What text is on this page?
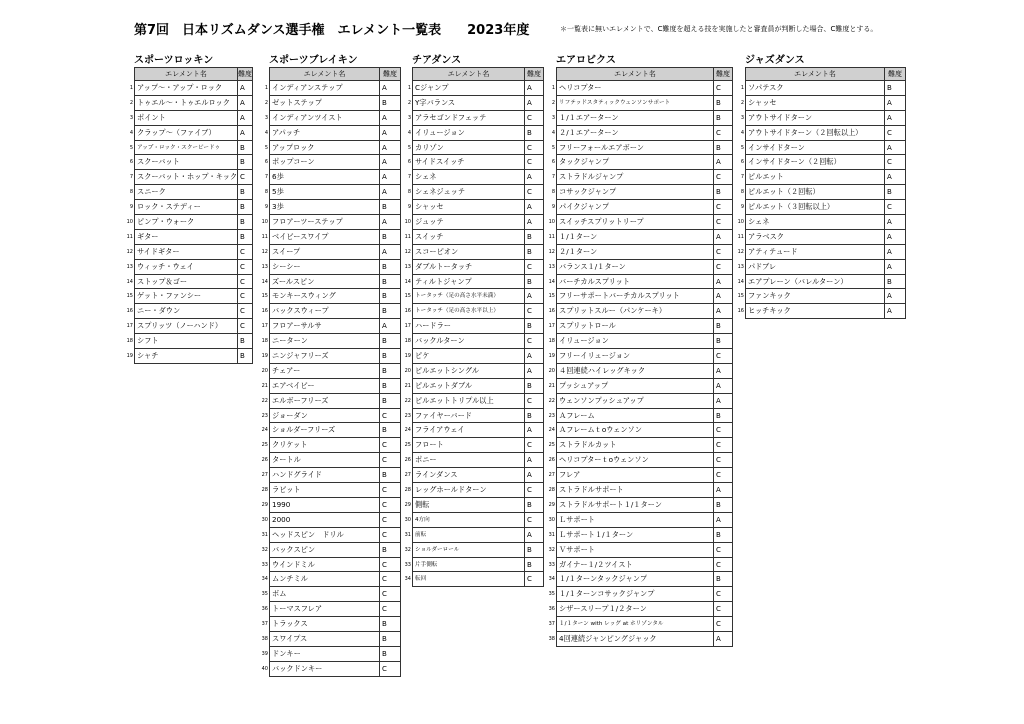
第7回　日本リズムダンス選手権　エレメント一覧表　　2023年度	＊一覧表に無いエレメントで、C難度を超える技を実施したと審査員が判断した場合、C難度とする。
スポーツロッキン
エレメント名	難度
1 アップ～・アップ・ロック	A
2 トゥエル～・トゥエルロック	A
3 ポイント	A
4 クラップ～（ファイブ）	A
5 アップ・ロック・スクービードゥ	B
6 スクーバット	B
7 スクーバット・ホップ・キック C
8 スニーク	B
9 ロック・ステディー	B
10 ピンプ・ウォーク	B
11 ギター	B
12 サイドギター	C
13 ウィッチ・ウェイ	C
14 ストップ＆ゴー	C
15 ゲット・ファンシー	C
16 ニー・ダウン	C
17 スプリッツ（ノーハンド）	C
18 シフト	B
19 シャチ	B
スポーツブレイキン
エレメント名	難度
1 インディアンステップ	A
2 ゼットステップ	B
3 インディアンツイスト	A
4 アパッチ	A
5 アップロック	A
6 ポップコーン	A
7 6歩	A
8 5歩	A
9 3歩	B
10 フロアーツーステップ	A
11 ベイビースワイプ	B
12 スイープ	A
13 シーシー	B
14 ズールスピン	B
15 モンキースウィング	B
16 バックスウィープ	B
17 フロアーサルサ	A
18 ニーターン	B
19 ニンジャフリーズ	B
20 チェアー	B
21 エアベイビー	B
22 エルボーフリーズ	B
23 ジョーダン	C
24 ショルダーフリーズ	B
25 クリケット	C
26 タートル	C
27 ハンドグライド	B
28 ラビット	C
29 1990	C
30 2000	C
31 ヘッドスピン　ドリル	C
32 バックスピン	B
33 ウインドミル	C
34 ムンチミル	C
35 ボム	C
36 トーマスフレア	C
37 トラックス	B
38 スワイプス	B
39 ドンキー	B
40 バックドンキー	C
チアダンス
エレメント名	難度
1 Cジャンプ	A
2 Y字バランス	A
3 アラセゴンドフェッテ	C
4 イリュージョン	B
5 カリゾン	C
6 サイドスイッチ	C
7 シェネ	A
8 シェネジュッテ	C
9 シャッセ	A
10 ジュッテ	A
11 スイッチ	B
12 スコーピオン	B
13 ダブルトータッチ	C
14 ティルトジャンプ	B
15 トータッチ（足の高さ水平未満）	A
16 トータッチ（足の高さ水平以上）	C
17 ハードラー	B
18 バックルターン	C
19 ピケ	A
20 ピルエットシングル	A
21 ピルエットダブル	B
22 ピルエットトリプル以上	C
23 ファイヤーバード	B
24 フライアウェイ	A
25 フロート	C
26 ポニー	A
27 ラインダンス	A
28 レッグホールドターン	C
29 側転	B
30 4方向	C
31 前転	A
32 ショルダーロール	B
33 片手側転	B
34 転回	C
エアロビクス
エレメント名	難度
1 ヘリコプター	C
2 リフテッドスタティックウェンソンサポート	B
3 １/１エアーターン	B
4 ２/１エアーターン	C
5 フリーフォールエアボーン	B
6 タックジャンプ	A
7 ストラドルジャンプ	C
8 コサックジャンプ	B
9 パイクジャンプ	C
10 スイッチスプリットリープ	C
11 １/１ターン	A
12 ２/１ターン	C
13 バランス１/１ターン	C
14 バーチカルスプリット	A
15 フリーサポートバーチカルスプリット	A
16 スプリットスルー（パンケーキ）	A
17 スプリットロール	B
18 イリュージョン	B
19 フリーイリュージョン	C
20 ４回連続ハイレッグキック	A
21 プッシュアップ	A
22 ウェンソンプッシュアップ	A
23 Ａフレーム	B
24 Ａフレームｔoウェンソン	C
25 ストラドルカット	C
26 ヘリコプターｔoウェンソン	C
27 フレア	C
28 ストラドルサポート	A
29 ストラドルサポート１/１ターン	B
30 Ｌサポート	A
31 Ｌサポート１/１ターン	B
32 Ｖサポート	C
33 ガイナー１/２ツイスト	C
34 １/１ターンタックジャンプ	B
35 １/１ターンコサックジャンプ	C
36 シザースリープ１/２ターン	C
37 １/１ターン with レッグ at ホリゾンタル	C
38 4回連続ジャンピングジャック	A
ジャズダンス
エレメント名	難度
1 ソパテスク	B
2 シャッセ	A
3 アウトサイドターン	A
4 アウトサイドターン（２回転以上）	C
5 インサイドターン	A
6 インサイドターン（２回転）	C
7 ピルエット	A
8 ピルエット（２回転）	B
9 ピルエット（３回転以上）	C
10 シェネ	A
11 アラベスク	A
12 アティテュード	A
13 パドブレ	A
14 エアプレーン（バレルターン）	B
15 ファンキック	A
16 ヒッチキック	A
